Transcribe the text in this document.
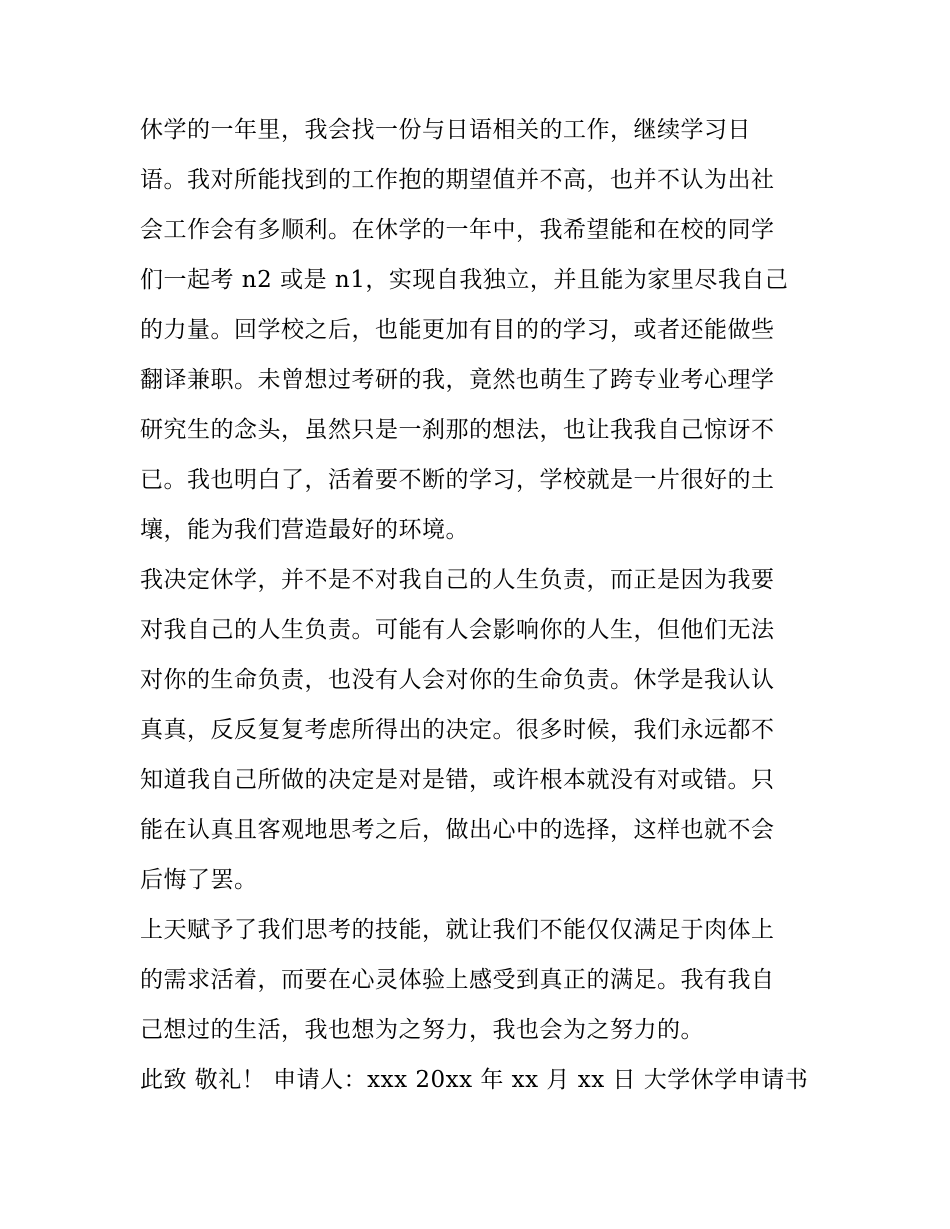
休学的一年里，我会找一份与日语相关的工作，继续学习日
语。我对所能找到的工作抱的期望值并不高，也并不认为出社
会工作会有多顺利。在休学的一年中，我希望能和在校的同学
们一起考 n2 或是 n1，实现自我独立，并且能为家里尽我自己
的力量。回学校之后，也能更加有目的的学习，或者还能做些
翻译兼职。未曾想过考研的我，竟然也萌生了跨专业考心理学
研究生的念头，虽然只是一刹那的想法，也让我我自己惊讶不
已。我也明白了，活着要不断的学习，学校就是一片很好的土
壤，能为我们营造最好的环境。
我决定休学，并不是不对我自己的人生负责，而正是因为我要
对我自己的人生负责。可能有人会影响你的人生，但他们无法
对你的生命负责，也没有人会对你的生命负责。休学是我认认
真真，反反复复考虑所得出的决定。很多时候，我们永远都不
知道我自己所做的决定是对是错，或许根本就没有对或错。只
能在认真且客观地思考之后，做出心中的选择，这样也就不会
后悔了罢。
上天赋予了我们思考的技能，就让我们不能仅仅满足于肉体上
的需求活着，而要在心灵体验上感受到真正的满足。我有我自
己想过的生活，我也想为之努力，我也会为之努力的。
此致 敬礼！ 申请人：xxx 20xx 年 xx 月 xx 日 大学休学申请书
